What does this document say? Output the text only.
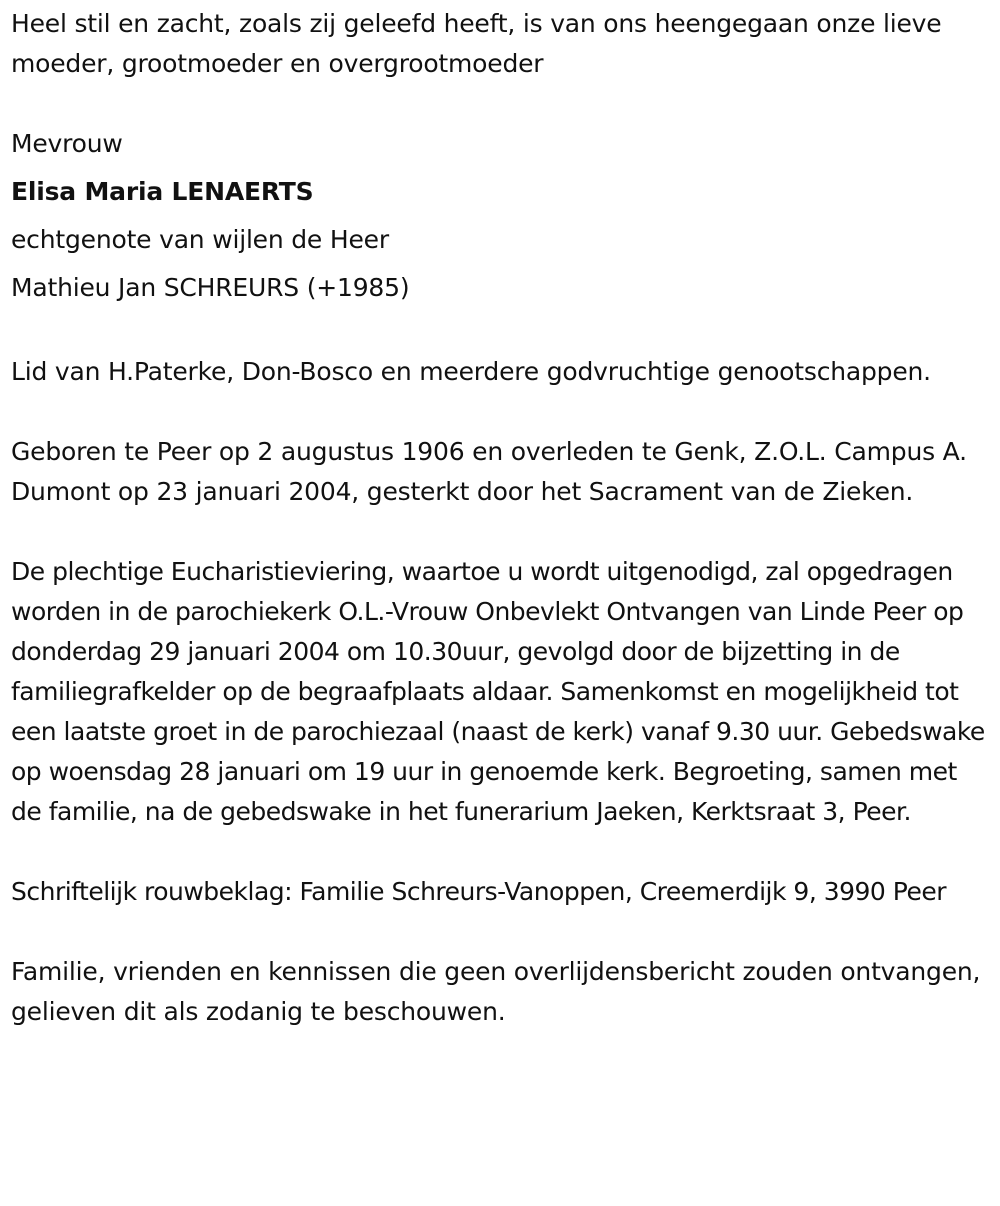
Heel stil en zacht, zoals zij geleefd heeft, is van ons heengegaan onze lieve moeder, grootmoeder en overgrootmoeder

Mevrouw

Elisa Maria LENAERTS

echtgenote van wijlen de Heer

Mathieu Jan SCHREURS (+1985)

Lid van H.Paterke, Don-Bosco en meerdere godvruchtige genootschappen.

Geboren te Peer op 2 augustus 1906 en overleden te Genk, Z.O.L. Campus A. Dumont op 23 januari 2004, gesterkt door het Sacrament van de Zieken.

De plechtige Eucharistieviering, waartoe u wordt uitgenodigd, zal opgedragen worden in de parochiekerk O.L.-Vrouw Onbevlekt Ontvangen van Linde Peer op donderdag 29 januari 2004 om 10.30uur, gevolgd door de bijzetting in de familiegrafkelder op de begraafplaats aldaar. Samenkomst en mogelijkheid tot een laatste groet in de parochiezaal (naast de kerk) vanaf 9.30 uur. Gebedswake op woensdag 28 januari om 19 uur in genoemde kerk. Begroeting, samen met de familie, na de gebedswake in het funerarium Jaeken, Kerktsraat 3, Peer.

Schriftelijk rouwbeklag: Familie Schreurs-Vanoppen, Creemerdijk 9, 3990 Peer

Familie, vrienden en kennissen die geen overlijdensbericht zouden ontvangen, gelieven dit als zodanig te beschouwen.
